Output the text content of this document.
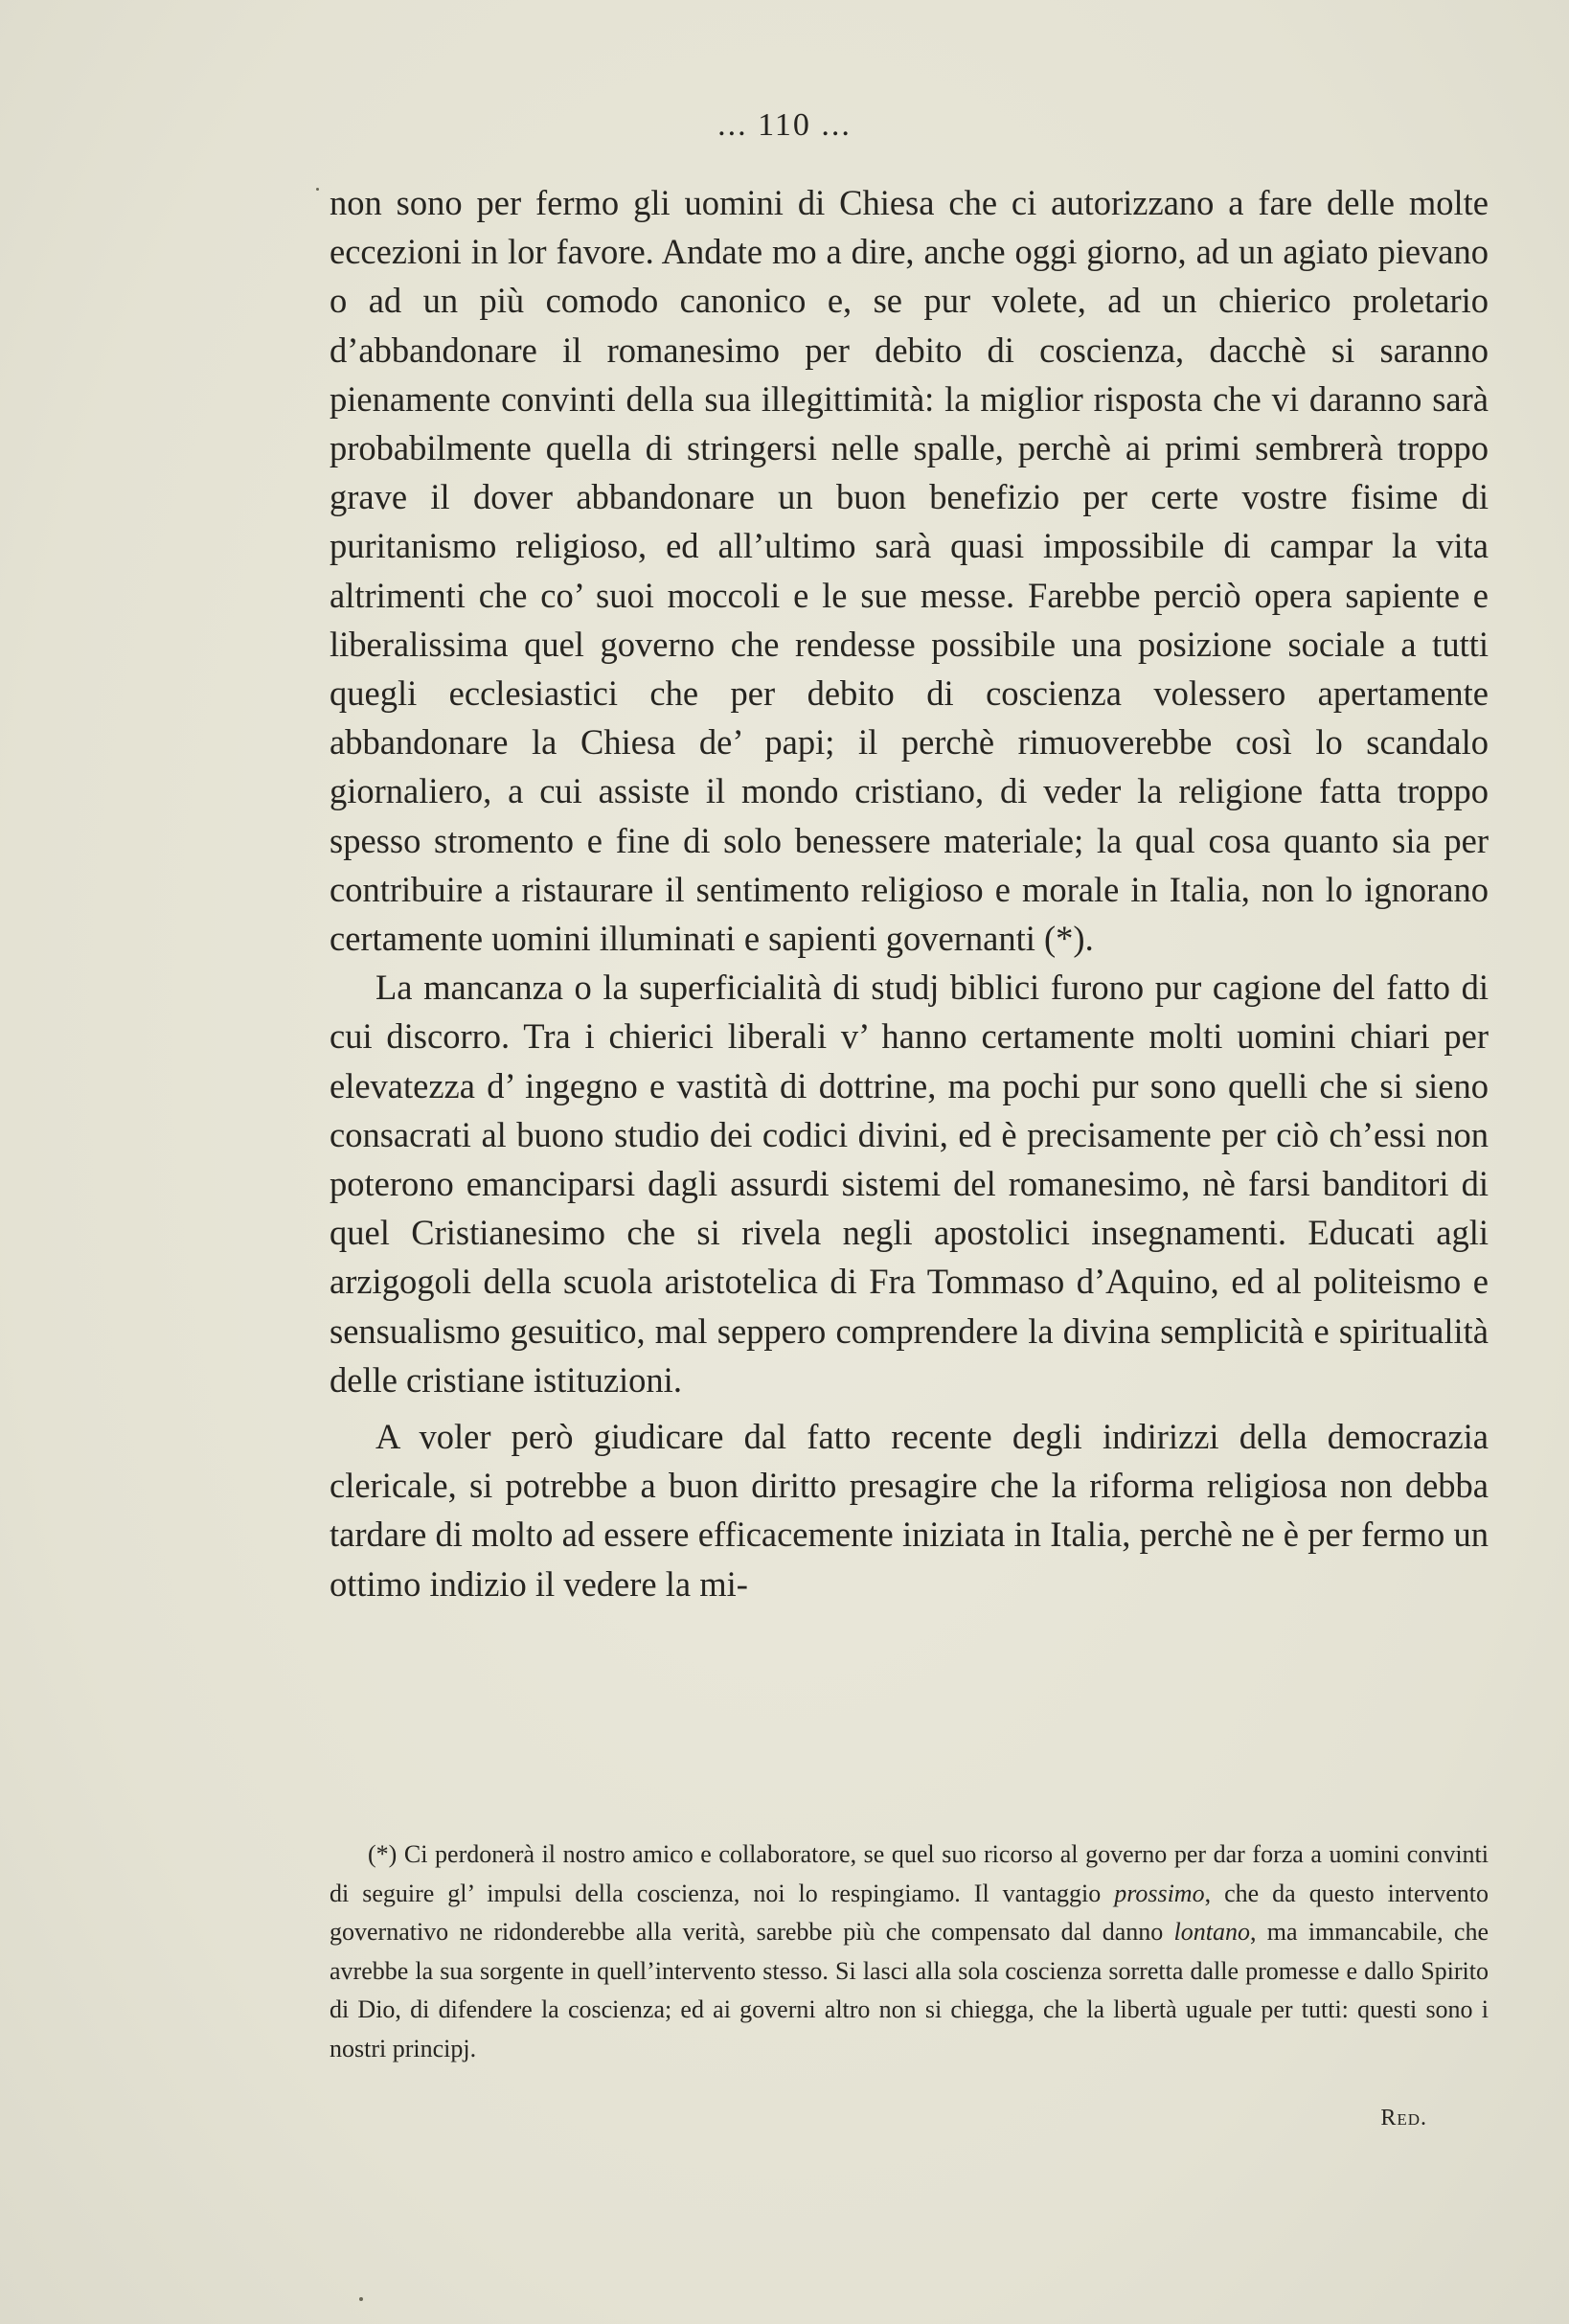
... 110 ...

non sono per fermo gli uomini di Chiesa che ci autorizzano a fare delle molte eccezioni in lor favore. Andate mo a dire, anche oggi giorno, ad un agiato pievano o ad un più comodo canonico e, se pur volete, ad un chierico proletario d’abbandonare il romanesimo per debito di coscienza, dacchè si saranno pienamente convinti della sua illegittimità: la miglior risposta che vi daranno sarà probabilmente quella di stringersi nelle spalle, perchè ai primi sembrerà troppo grave il dover abbandonare un buon benefizio per certe vostre fisime di puritanismo religioso, ed all’ultimo sarà quasi impossibile di campar la vita altrimenti che co’ suoi moccoli e le sue messe. Farebbe perciò opera sapiente e liberalissima quel governo che rendesse possibile una posizione sociale a tutti quegli ecclesiastici che per debito di coscienza volessero apertamente abbandonare la Chiesa de’ papi; il perchè rimuoverebbe così lo scandalo giornaliero, a cui assiste il mondo cristiano, di veder la religione fatta troppo spesso stromento e fine di solo benessere materiale; la qual cosa quanto sia per contribuire a ristaurare il sentimento religioso e morale in Italia, non lo ignorano certamente uomini illuminati e sapienti governanti (*).

La mancanza o la superficialità di studj biblici furono pur cagione del fatto di cui discorro. Tra i chierici liberali v’ hanno certamente molti uomini chiari per elevatezza d’ ingegno e vastità di dottrine, ma pochi pur sono quelli che si sieno consacrati al buono studio dei codici divini, ed è precisamente per ciò ch’essi non poterono emanciparsi dagli assurdi sistemi del romanesimo, nè farsi banditori di quel Cristianesimo che si rivela negli apostolici insegnamenti. Educati agli arzigogoli della scuola aristotelica di Fra Tommaso d’Aquino, ed al politeismo e sensualismo gesuitico, mal seppero comprendere la divina semplicità e spiritualità delle cristiane istituzioni.

A voler però giudicare dal fatto recente degli indirizzi della democrazia clericale, si potrebbe a buon diritto presagire che la riforma religiosa non debba tardare di molto ad essere efficacemente iniziata in Italia, perchè ne è per fermo un ottimo indizio il vedere la mi-

(*) Ci perdonerà il nostro amico e collaboratore, se quel suo ricorso al governo per dar forza a uomini convinti di seguire gl’ impulsi della coscienza, noi lo respingiamo. Il vantaggio prossimo, che da questo intervento governativo ne ridonderebbe alla verità, sarebbe più che compensato dal danno lontano, ma immancabile, che avrebbe la sua sorgente in quell’intervento stesso. Si lasci alla sola coscienza sorretta dalle promesse e dallo Spirito di Dio, di difendere la coscienza; ed ai governi altro non si chiegga, che la libertà uguale per tutti: questi sono i nostri principj.

Red.
